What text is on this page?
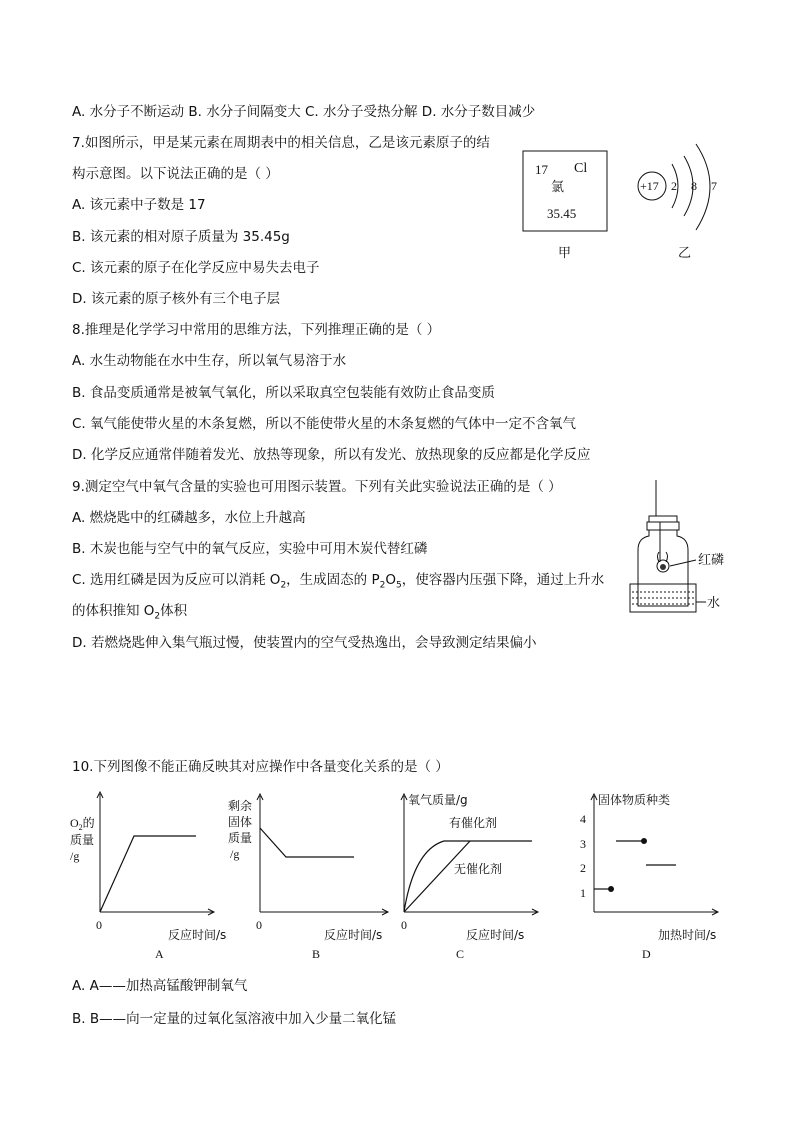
A. 水分子不断运动 B. 水分子间隔变大 C. 水分子受热分解 D. 水分子数目减少
7.如图所示，甲是某元素在周期表中的相关信息，乙是该元素原子的结
构示意图。以下说法正确的是（ ）
A. 该元素中子数是 17
B. 该元素的相对原子质量为 35.45g
C. 该元素的原子在化学反应中易失去电子
D. 该元素的原子核外有三个电子层
17 Cl
氯
35.45
甲
+17 2 8 7
乙
8.推理是化学学习中常用的思维方法，下列推理正确的是（ ）
A. 水生动物能在水中生存，所以氧气易溶于水
B. 食品变质通常是被氧气氧化，所以采取真空包装能有效防止食品变质
C. 氧气能使带火星的木条复燃，所以不能使带火星的木条复燃的气体中一定不含氧气
D. 化学反应通常伴随着发光、放热等现象，所以有发光、放热现象的反应都是化学反应
9.测定空气中氧气含量的实验也可用图示装置。下列有关此实验说法正确的是（ ）
A. 燃烧匙中的红磷越多，水位上升越高
B. 木炭也能与空气中的氧气反应，实验中可用木炭代替红磷
C. 选用红磷是因为反应可以消耗 $O_2$，生成固态的 $P_2O_5$，使容器内压强下降，通过上升水
的体积推知 $O_2$体积
D. 若燃烧匙伸入集气瓶过慢，使装置内的空气受热逸出，会导致测定结果偏小
红磷
水
10.下列图像不能正确反映其对应操作中各量变化关系的是（ ）
$O_2$的
质量
/g
0
反应时间/s
A
剩余
固体
质量
/g
0
反应时间/s
B
氧气质量/g
有催化剂
无催化剂
0
反应时间/s
C
固体物质种类
4
3
2
1
加热时间/s
D
A. A——加热高锰酸钾制氧气
B. B——向一定量的过氧化氢溶液中加入少量二氧化锰
